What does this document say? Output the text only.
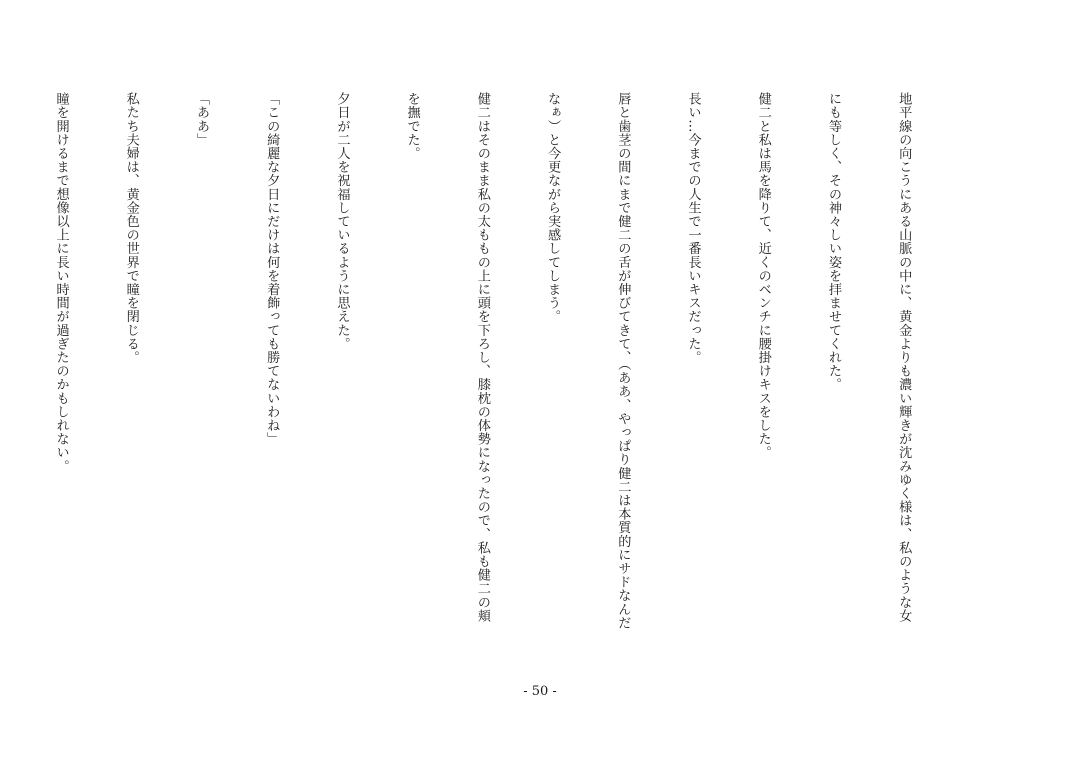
地平線の向こうにある山脈の中に、黄金よりも濃い輝きが沈みゆく様は、私のような女

にも等しく、その神々しい姿を拝ませてくれた。

健二と私は馬を降りて、近くのベンチに腰掛けキスをした。

長い…今までの人生で一番長いキスだった。

唇と歯茎の間にまで健二の舌が伸びてきて、（ああ、やっぱり健二は本質的にサドなんだ

なぁ）と今更ながら実感してしまう。

健二はそのまま私の太ももの上に頭を下ろし、膝枕の体勢になったので、私も健二の頬

を撫でた。

夕日が二人を祝福しているように思えた。

「この綺麗な夕日にだけは何を着飾っても勝てないわね」

「ああ」

私たち夫婦は、黄金色の世界で瞳を閉じる。

瞳を開けるまで想像以上に長い時間が過ぎたのかもしれない。

- 50 -
